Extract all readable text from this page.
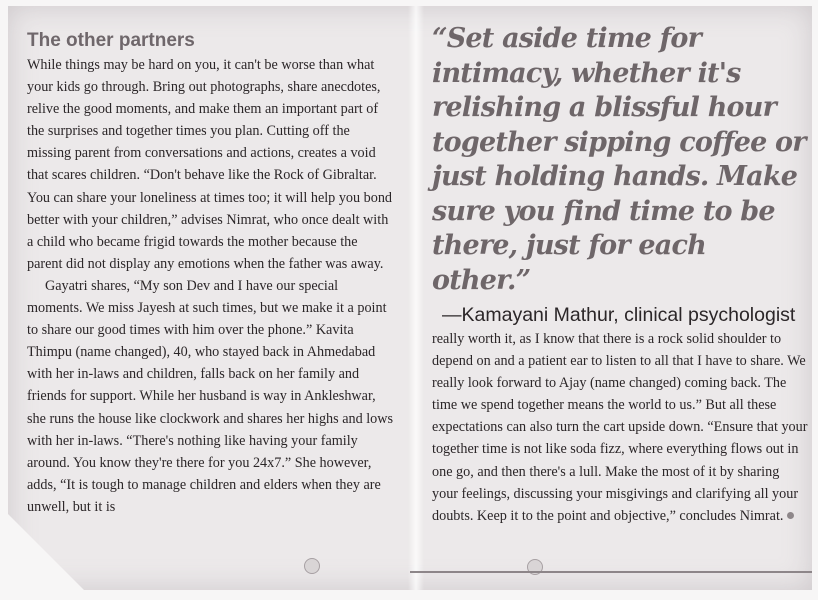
The other partners

While things may be hard on you, it can't be worse than what your kids go through. Bring out photographs, share anecdotes, relive the good moments, and make them an important part of the surprises and together times you plan. Cutting off the missing parent from conversations and actions, creates a void that scares children. “Don't behave like the Rock of Gibraltar. You can share your loneliness at times too; it will help you bond better with your children,” advises Nimrat, who once dealt with a child who became frigid towards the mother because the parent did not display any emotions when the father was away.

Gayatri shares, “My son Dev and I have our special moments. We miss Jayesh at such times, but we make it a point to share our good times with him over the phone.” Kavita Thimpu (name changed), 40, who stayed back in Ahmedabad with her in-laws and children, falls back on her family and friends for support. While her husband is way in Ankleshwar, she runs the house like clockwork and shares her highs and lows with her in-laws. “There's nothing like having your family around. You know they're there for you 24x7.” She however, adds, “It is tough to manage children and elders when they are unwell, but it is

“Set aside time for intimacy, whether it's relishing a blissful hour together sipping coffee or just holding hands. Make sure you find time to be there, just for each other.”

—Kamayani Mathur, clinical psychologist

really worth it, as I know that there is a rock solid shoulder to depend on and a patient ear to listen to all that I have to share. We really look forward to Ajay (name changed) coming back. The time we spend together means the world to us.” But all these expectations can also turn the cart upside down. “Ensure that your together time is not like soda fizz, where everything flows out in one go, and then there's a lull. Make the most of it by sharing your feelings, discussing your misgivings and clarifying all your doubts. Keep it to the point and objective,” concludes Nimrat.
